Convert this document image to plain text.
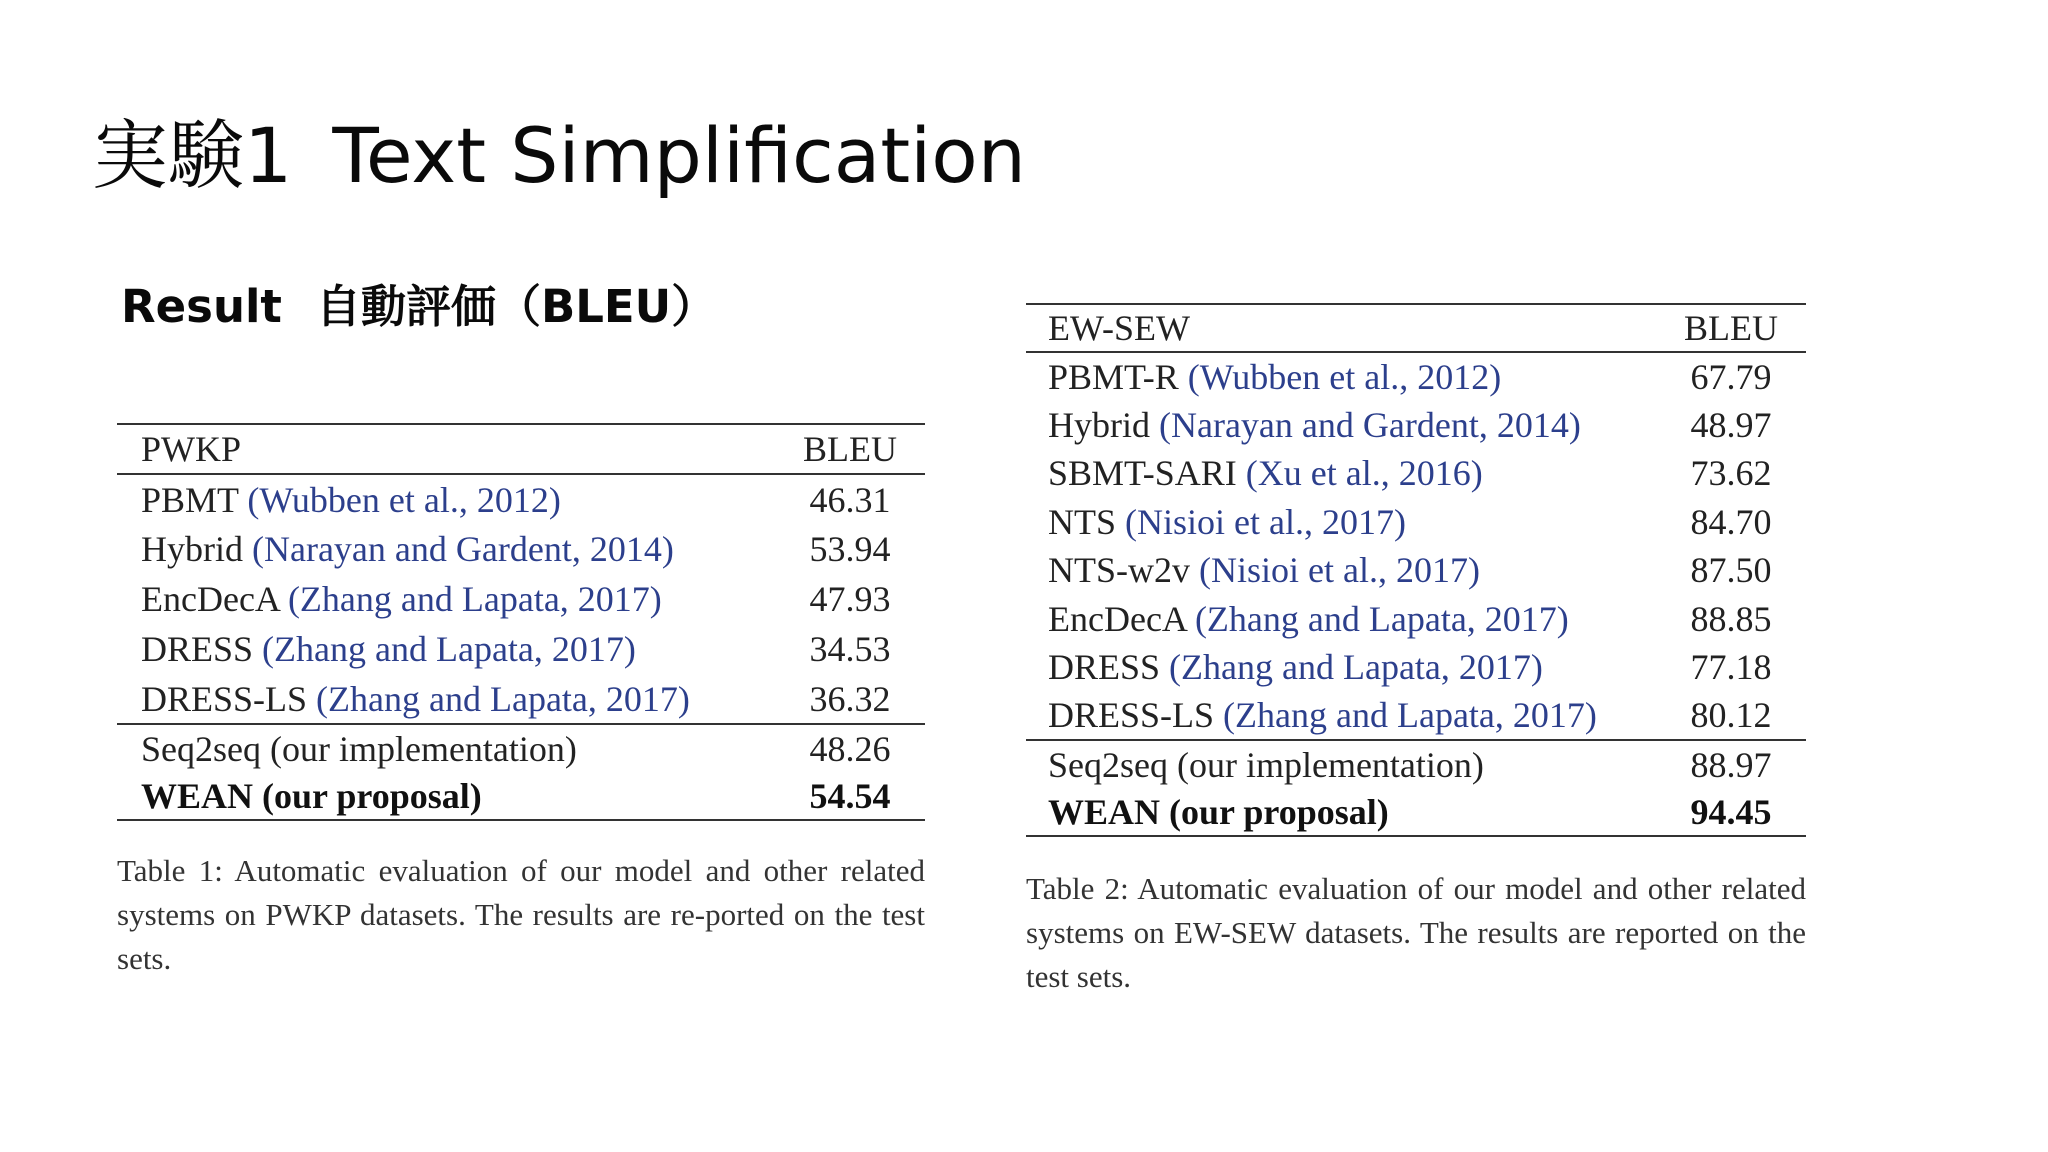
実験1 Text Simplification
Result 自動評価（BLEU）
PWKP	BLEU
PBMT (Wubben et al., 2012)	46.31
Hybrid (Narayan and Gardent, 2014)	53.94
EncDecA (Zhang and Lapata, 2017)	47.93
DRESS (Zhang and Lapata, 2017)	34.53
DRESS-LS (Zhang and Lapata, 2017)	36.32
Seq2seq (our implementation)	48.26
WEAN (our proposal)	54.54

Table 1: Automatic evaluation of our model and other related systems on PWKP datasets. The results are re-ported on the test sets.

EW-SEW	BLEU
PBMT-R (Wubben et al., 2012)	67.79
Hybrid (Narayan and Gardent, 2014)	48.97
SBMT-SARI (Xu et al., 2016)	73.62
NTS (Nisioi et al., 2017)	84.70
NTS-w2v (Nisioi et al., 2017)	87.50
EncDecA (Zhang and Lapata, 2017)	88.85
DRESS (Zhang and Lapata, 2017)	77.18
DRESS-LS (Zhang and Lapata, 2017)	80.12
Seq2seq (our implementation)	88.97
WEAN (our proposal)	94.45

Table 2: Automatic evaluation of our model and other related systems on EW-SEW datasets. The results are reported on the test sets.
